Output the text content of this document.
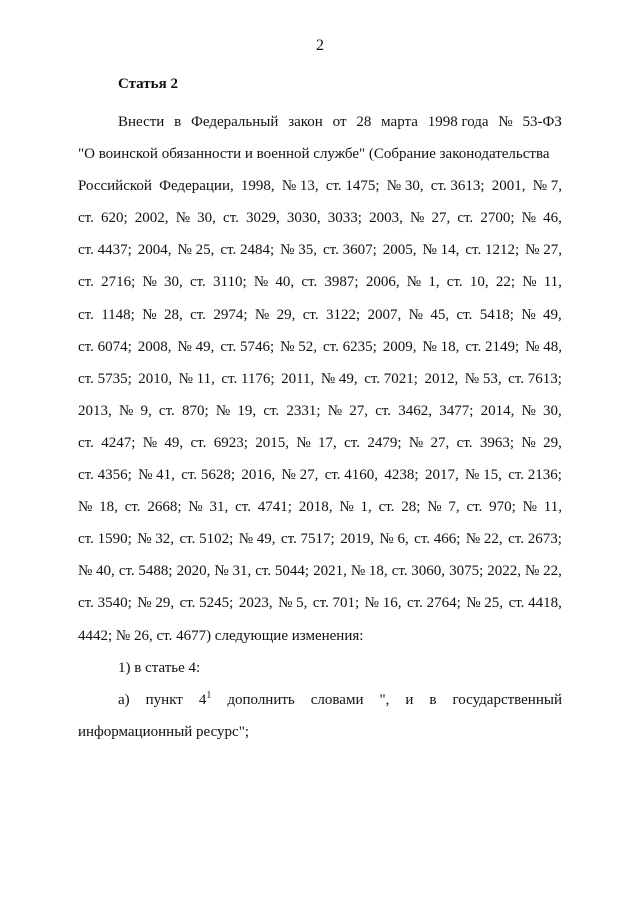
2
Статья 2
Внести в Федеральный закон от 28 марта 1998 года № 53-ФЗ
"О воинской обязанности и военной службе" (Собрание законодательства
Российской Федерации, 1998, № 13, ст. 1475; № 30, ст. 3613; 2001, № 7,
ст. 620; 2002, № 30, ст. 3029, 3030, 3033; 2003, № 27, ст. 2700; № 46,
ст. 4437; 2004, № 25, ст. 2484; № 35, ст. 3607; 2005, № 14, ст. 1212; № 27,
ст. 2716; № 30, ст. 3110; № 40, ст. 3987; 2006, № 1, ст. 10, 22; № 11,
ст. 1148; № 28, ст. 2974; № 29, ст. 3122; 2007, № 45, ст. 5418; № 49,
ст. 6074; 2008, № 49, ст. 5746; № 52, ст. 6235; 2009, № 18, ст. 2149; № 48,
ст. 5735; 2010, № 11, ст. 1176; 2011, № 49, ст. 7021; 2012, № 53, ст. 7613;
2013, № 9, ст. 870; № 19, ст. 2331; № 27, ст. 3462, 3477; 2014, № 30,
ст. 4247; № 49, ст. 6923; 2015, № 17, ст. 2479; № 27, ст. 3963; № 29,
ст. 4356; № 41, ст. 5628; 2016, № 27, ст. 4160, 4238; 2017, № 15, ст. 2136;
№ 18, ст. 2668; № 31, ст. 4741; 2018, № 1, ст. 28; № 7, ст. 970; № 11,
ст. 1590; № 32, ст. 5102; № 49, ст. 7517; 2019, № 6, ст. 466; № 22, ст. 2673;
№ 40, ст. 5488; 2020, № 31, ст. 5044; 2021, № 18, ст. 3060, 3075; 2022, № 22,
ст. 3540; № 29, ст. 5245; 2023, № 5, ст. 701; № 16, ст. 2764; № 25, ст. 4418,
4442; № 26, ст. 4677) следующие изменения:
1) в статье 4:
а) пункт $4^1$ дополнить словами ", и в государственный
информационный ресурс";
